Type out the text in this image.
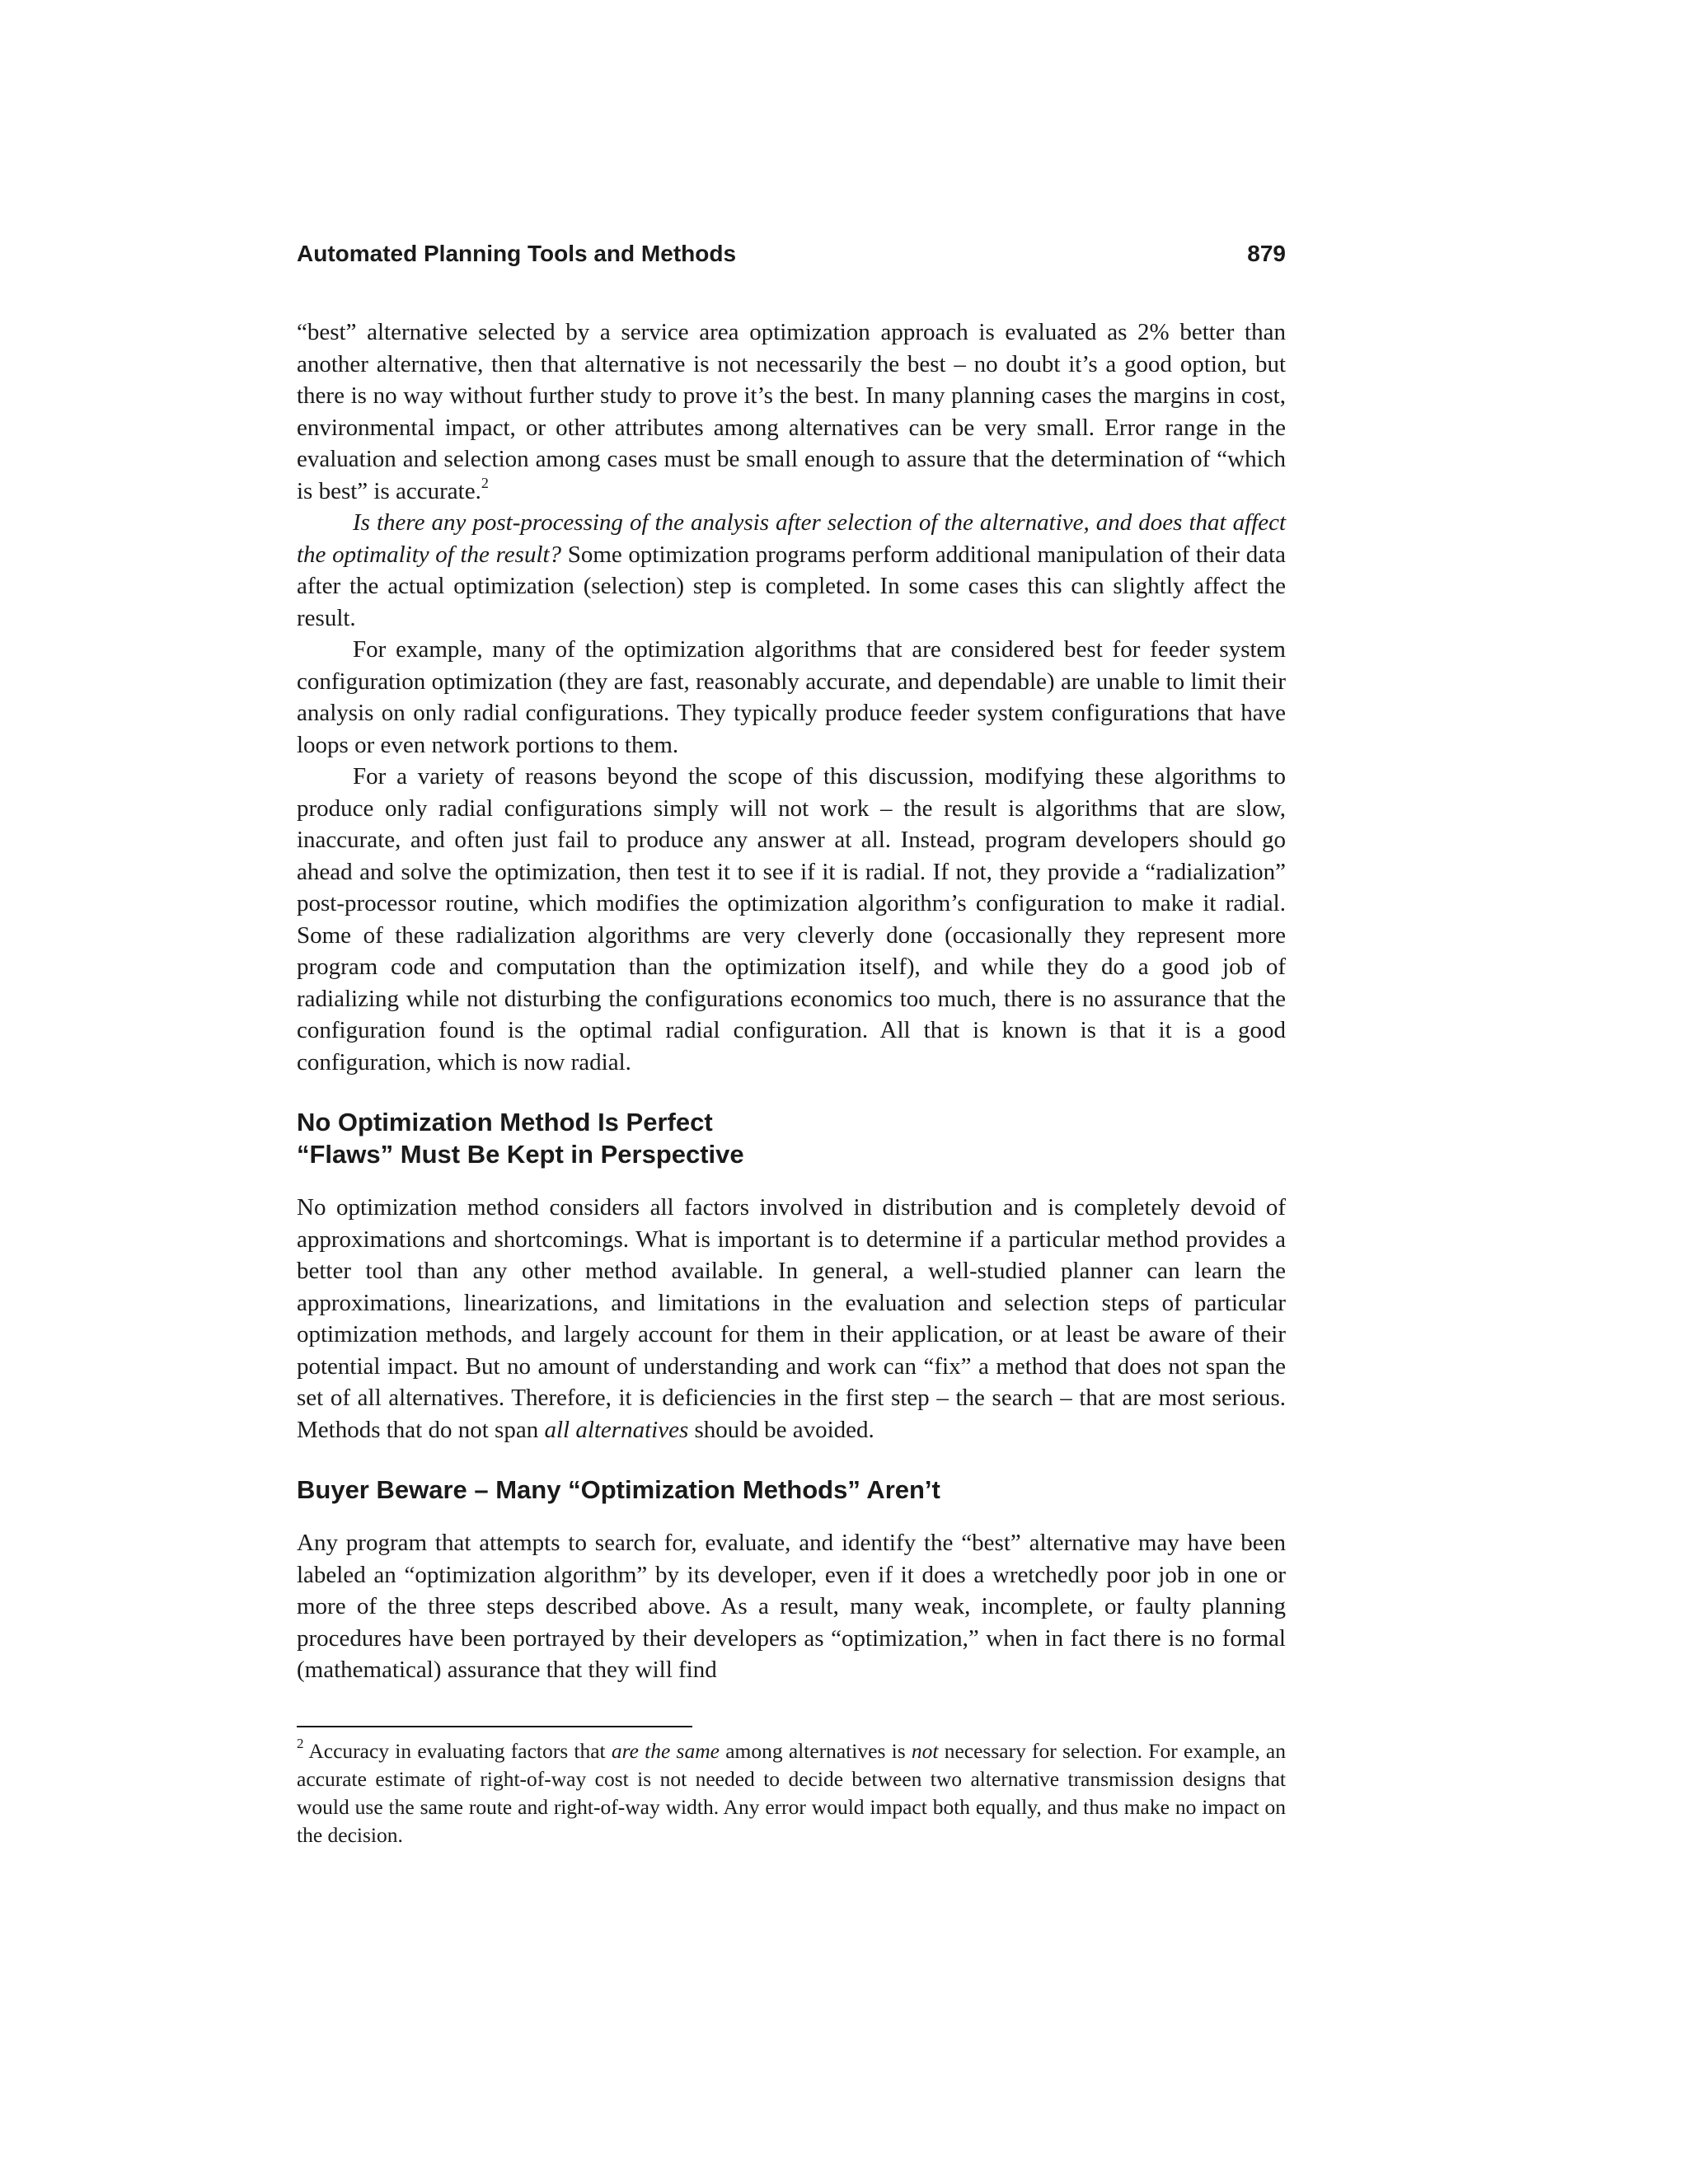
Automated Planning Tools and Methods	879

“best” alternative selected by a service area optimization approach is evaluated as 2% better than another alternative, then that alternative is not necessarily the best – no doubt it’s a good option, but there is no way without further study to prove it’s the best. In many planning cases the margins in cost, environmental impact, or other attributes among alternatives can be very small. Error range in the evaluation and selection among cases must be small enough to assure that the determination of “which is best” is accurate.$^2$

Is there any post-processing of the analysis after selection of the alternative, and does that affect the optimality of the result? Some optimization programs perform additional manipulation of their data after the actual optimization (selection) step is completed. In some cases this can slightly affect the result.

For example, many of the optimization algorithms that are considered best for feeder system configuration optimization (they are fast, reasonably accurate, and dependable) are unable to limit their analysis on only radial configurations. They typically produce feeder system configurations that have loops or even network portions to them.

For a variety of reasons beyond the scope of this discussion, modifying these algorithms to produce only radial configurations simply will not work – the result is algorithms that are slow, inaccurate, and often just fail to produce any answer at all. Instead, program developers should go ahead and solve the optimization, then test it to see if it is radial. If not, they provide a “radialization” post-processor routine, which modifies the optimization algorithm’s configuration to make it radial. Some of these radialization algorithms are very cleverly done (occasionally they represent more program code and computation than the optimization itself), and while they do a good job of radializing while not disturbing the configurations economics too much, there is no assurance that the configuration found is the optimal radial configuration. All that is known is that it is a good configuration, which is now radial.

No Optimization Method Is Perfect
“Flaws” Must Be Kept in Perspective

No optimization method considers all factors involved in distribution and is completely devoid of approximations and shortcomings. What is important is to determine if a particular method provides a better tool than any other method available. In general, a well-studied planner can learn the approximations, linearizations, and limitations in the evaluation and selection steps of particular optimization methods, and largely account for them in their application, or at least be aware of their potential impact. But no amount of understanding and work can “fix” a method that does not span the set of all alternatives. Therefore, it is deficiencies in the first step – the search – that are most serious. Methods that do not span all alternatives should be avoided.

Buyer Beware – Many “Optimization Methods” Aren’t

Any program that attempts to search for, evaluate, and identify the “best” alternative may have been labeled an “optimization algorithm” by its developer, even if it does a wretchedly poor job in one or more of the three steps described above. As a result, many weak, incomplete, or faulty planning procedures have been portrayed by their developers as “optimization,” when in fact there is no formal (mathematical) assurance that they will find

$^2$ Accuracy in evaluating factors that are the same among alternatives is not necessary for selection. For example, an accurate estimate of right-of-way cost is not needed to decide between two alternative transmission designs that would use the same route and right-of-way width. Any error would impact both equally, and thus make no impact on the decision.
